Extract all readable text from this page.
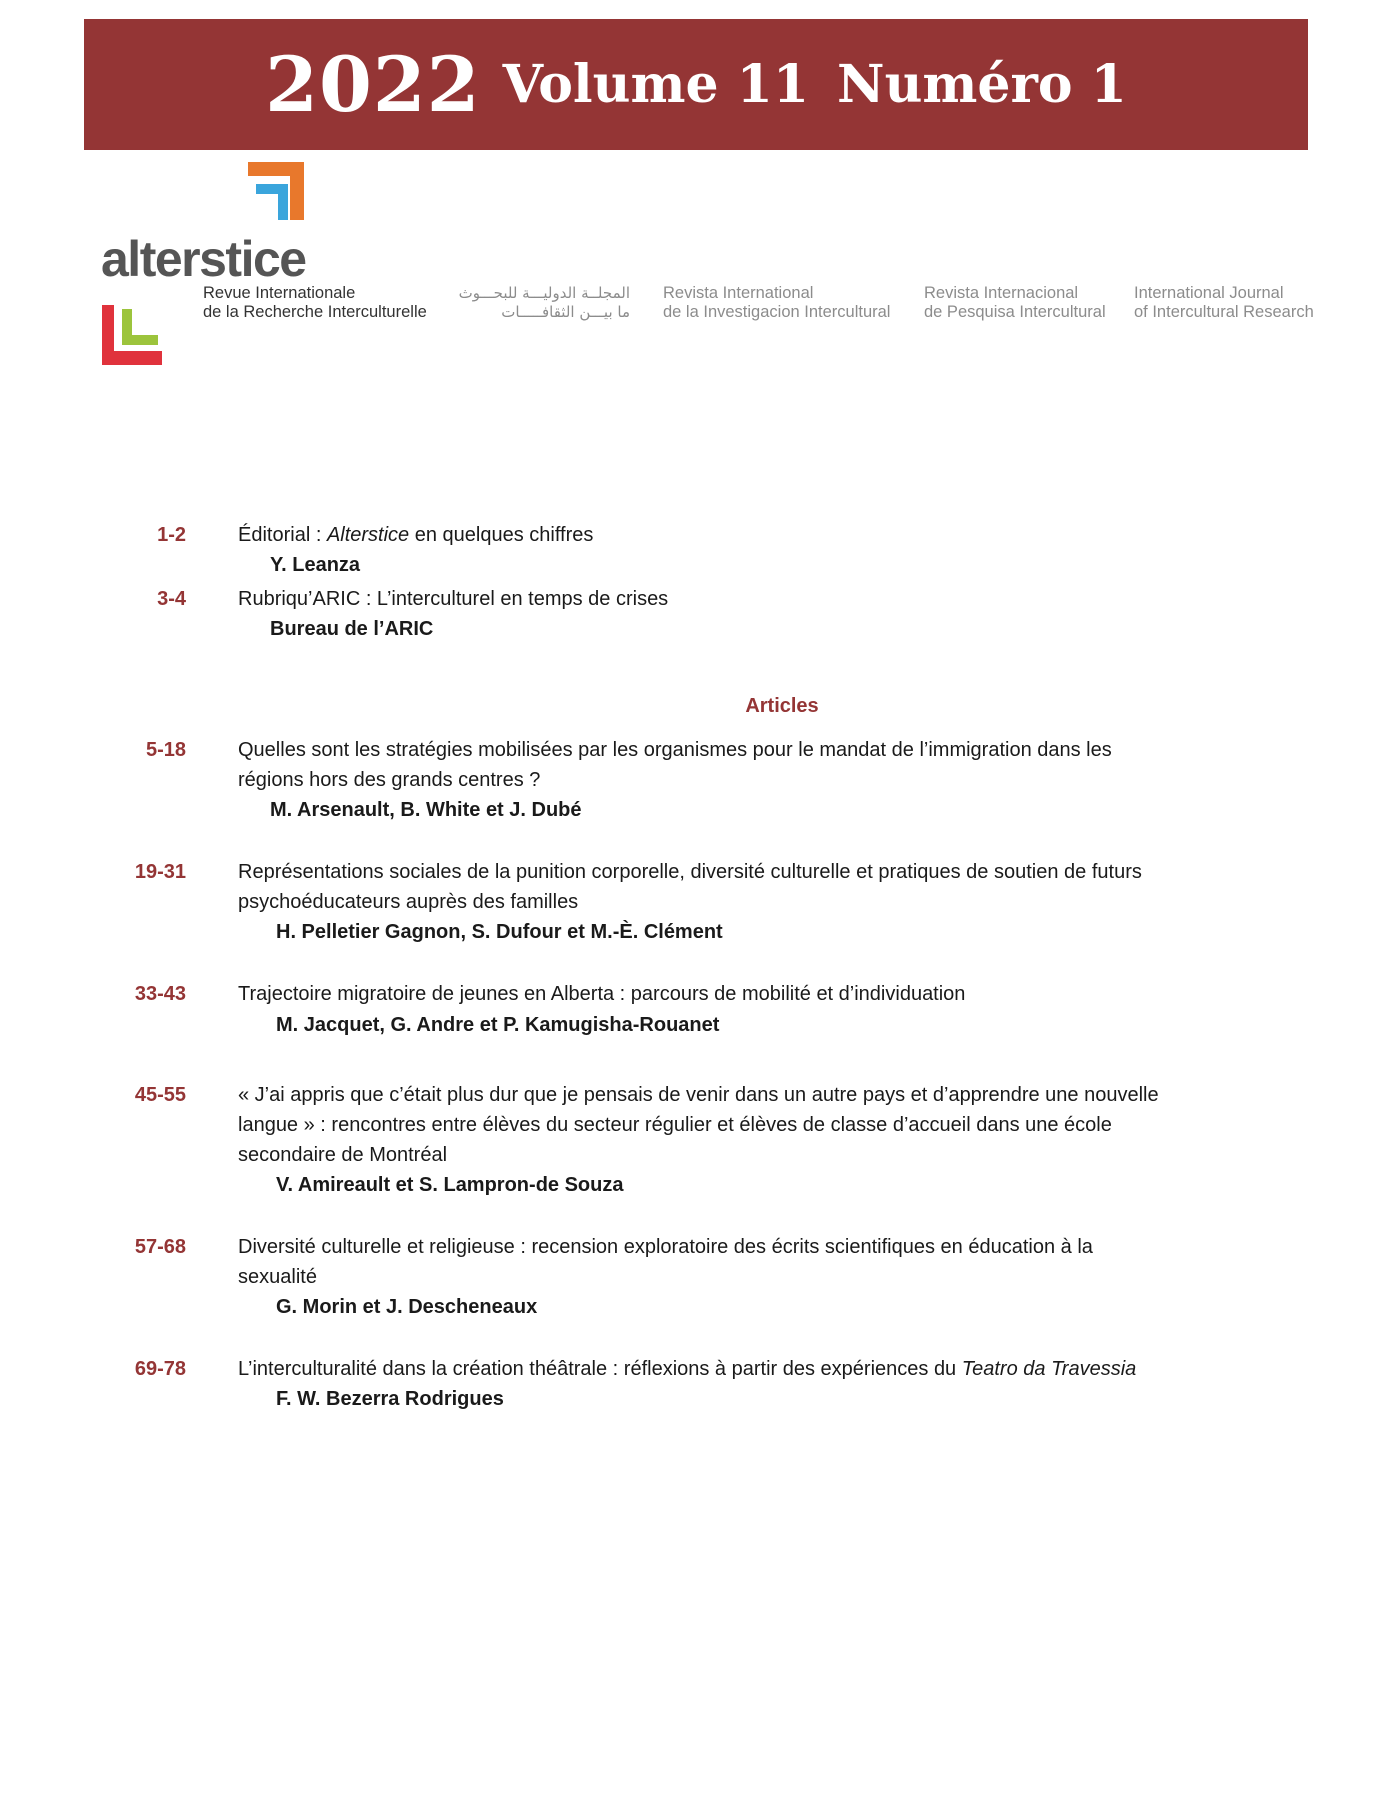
2022 Volume 11 Numéro 1
alterstice
Revue Internationale
de la Recherche Interculturelle
المجلــة الدوليـــة للبحـــوث
ما بيـــن الثقافـــــات
Revista International
de la Investigacion Intercultural
Revista Internacional
de Pesquisa Intercultural
International Journal
of Intercultural Research
1-2	Éditorial : Alterstice en quelques chiffres
Y. Leanza
3-4	Rubriqu’ARIC : L’interculturel en temps de crises
Bureau de l’ARIC
Articles
5-18	Quelles sont les stratégies mobilisées par les organismes pour le mandat de l’immigration dans les
régions hors des grands centres ?
M. Arsenault, B. White et J. Dubé
19-31	Représentations sociales de la punition corporelle, diversité culturelle et pratiques de soutien de futurs
psychoéducateurs auprès des familles
H. Pelletier Gagnon, S. Dufour et M.-È. Clément
33-43	Trajectoire migratoire de jeunes en Alberta : parcours de mobilité et d’individuation
M. Jacquet, G. Andre et P. Kamugisha-Rouanet
45-55	« J’ai appris que c’était plus dur que je pensais de venir dans un autre pays et d’apprendre une nouvelle
langue » : rencontres entre élèves du secteur régulier et élèves de classe d’accueil dans une école
secondaire de Montréal
V. Amireault et S. Lampron-de Souza
57-68	Diversité culturelle et religieuse : recension exploratoire des écrits scientifiques en éducation à la
sexualité
G. Morin et J. Descheneaux
69-78	L’interculturalité dans la création théâtrale : réflexions à partir des expériences du Teatro da Travessia
F. W. Bezerra Rodrigues
